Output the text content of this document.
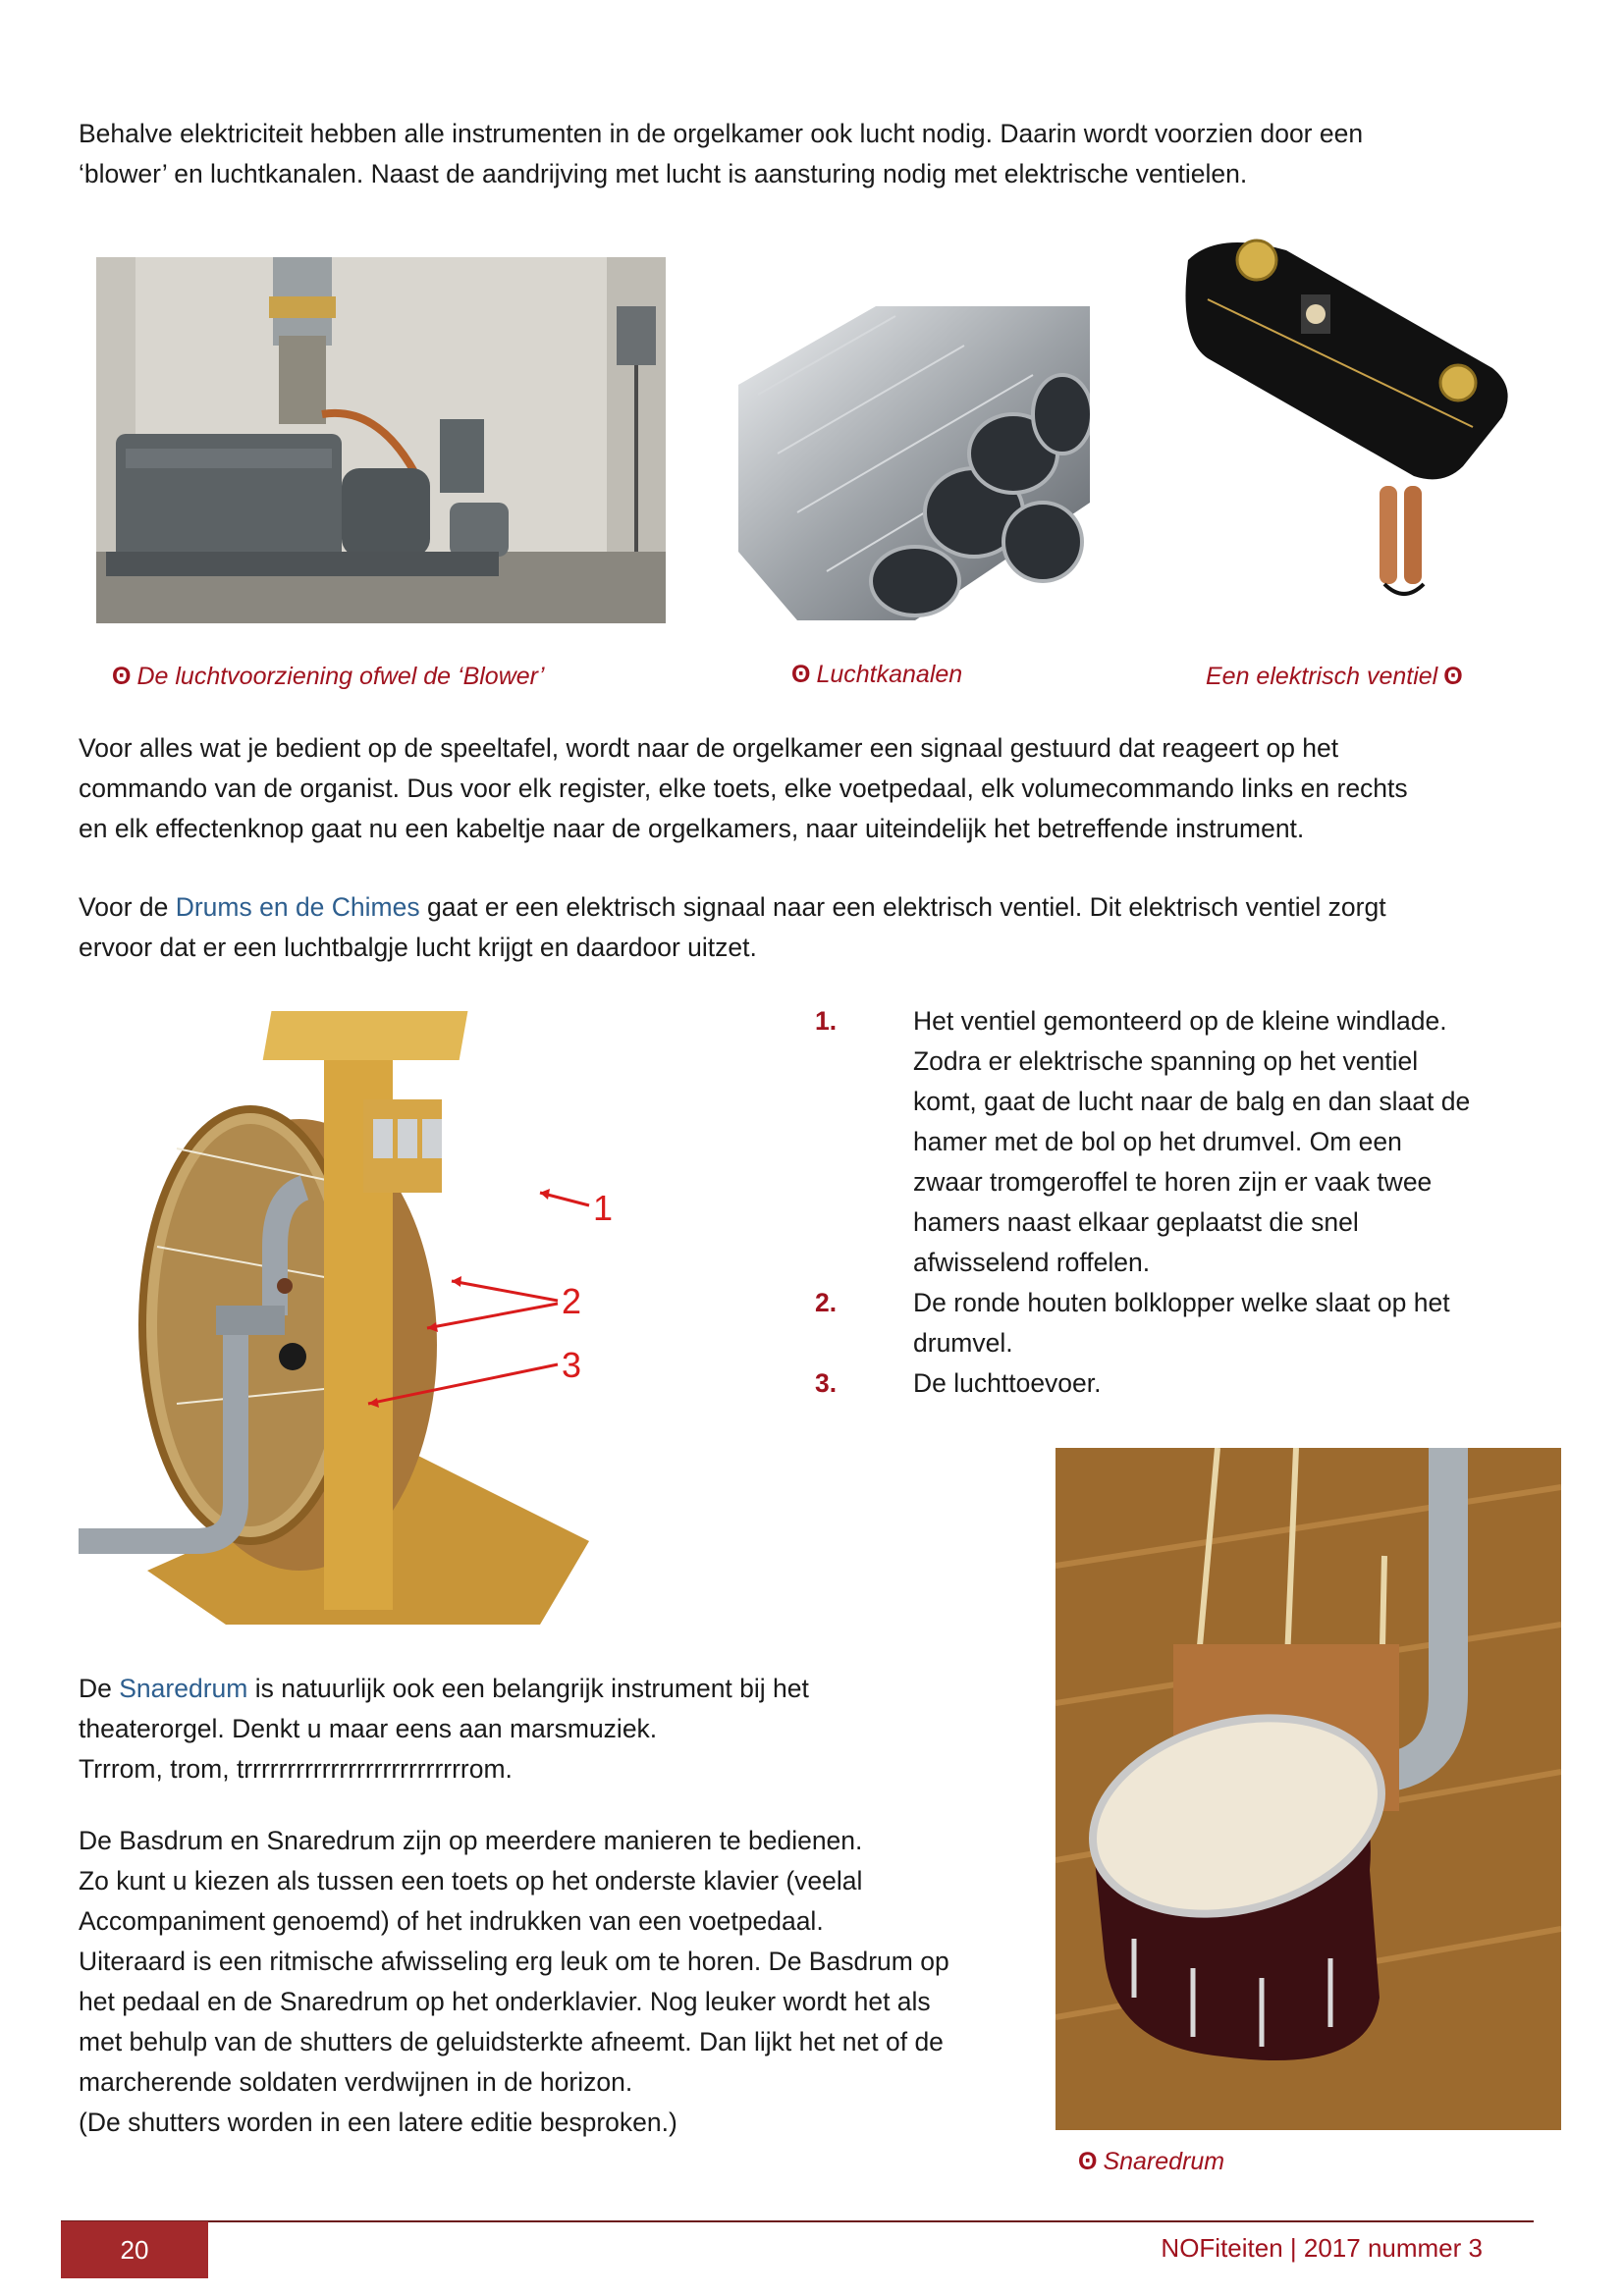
Behalve elektriciteit hebben alle instrumenten in de orgelkamer ook lucht nodig. Daarin wordt voorzien door een

‘blower’ en luchtkanalen. Naast de aandrijving met lucht is aansturing nodig met elektrische ventielen.

ʘ De luchtvoorziening ofwel de ‘Blower’	ʘ Luchtkanalen	Een elektrisch ventiel ʘ

Voor alles wat je bedient op de speeltafel, wordt naar de orgelkamer een signaal gestuurd dat reageert op het

commando van de organist. Dus voor elk register, elke toets, elke voetpedaal, elk volumecommando links en rechts

en elk effectenknop gaat nu een kabeltje naar de orgelkamers, naar uiteindelijk het betreffende instrument.

Voor de Drums en de Chimes gaat er een elektrisch signaal naar een elektrisch ventiel. Dit elektrisch ventiel zorgt

ervoor dat er een luchtbalgje lucht krijgt en daardoor uitzet.

1
2
3
1.	Het ventiel gemonteerd op de kleine windlade.
Zodra er elektrische spanning op het ventiel
komt, gaat de lucht naar de balg en dan slaat de
hamer met de bol op het drumvel. Om een
zwaar tromgeroffel te horen zijn er vaak twee
hamers naast elkaar geplaatst die snel
afwisselend roffelen.
2.	De ronde houten bolklopper welke slaat op het
drumvel.
3.	De luchttoevoer.
ʘ Snaredrum

De Snaredrum is natuurlijk ook een belangrijk instrument bij het

theaterorgel. Denkt u maar eens aan marsmuziek.

Trrrom, trom, trrrrrrrrrrrrrrrrrrrrrrrrrrom.

De Basdrum en Snaredrum zijn op meerdere manieren te bedienen.

Zo kunt u kiezen als tussen een toets op het onderste klavier (veelal

Accompaniment genoemd) of het indrukken van een voetpedaal.

Uiteraard is een ritmische afwisseling erg leuk om te horen. De Basdrum op

het pedaal en de Snaredrum op het onderklavier. Nog leuker wordt het als

met behulp van de shutters de geluidsterkte afneemt. Dan lijkt het net of de

marcherende soldaten verdwijnen in de horizon.

(De shutters worden in een latere editie besproken.)

20	NOFiteiten | 2017 nummer 3
